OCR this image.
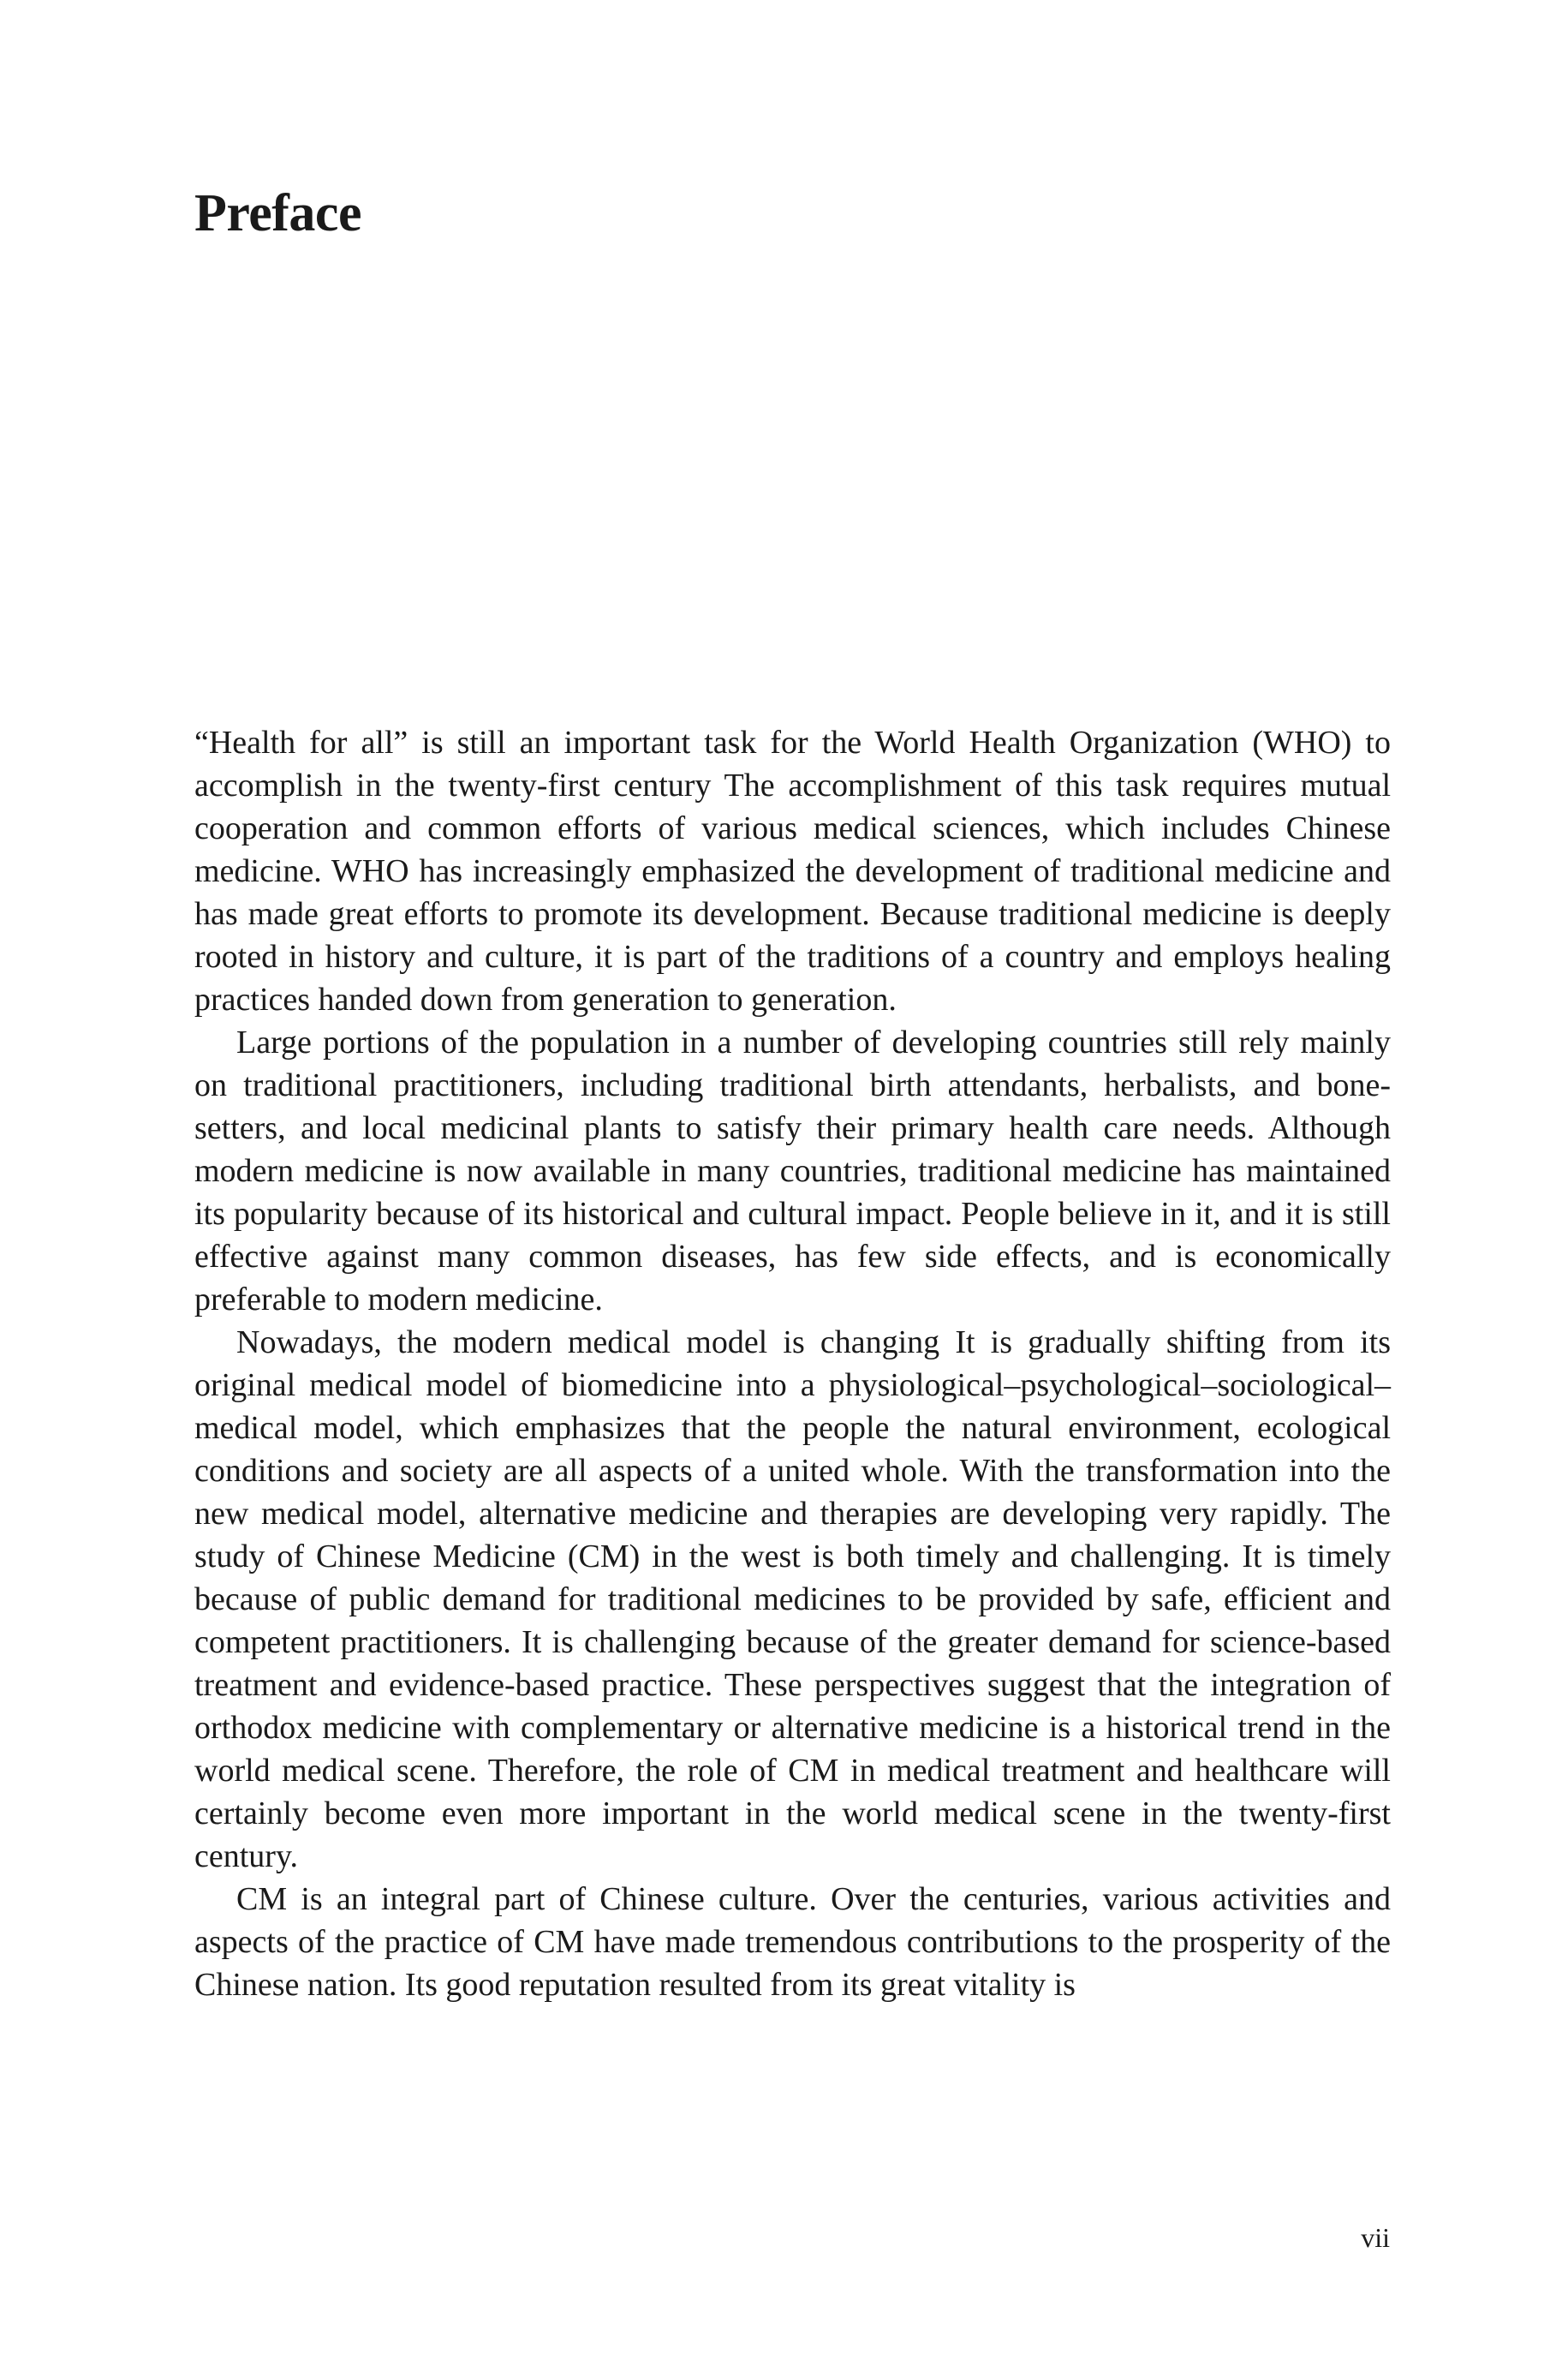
Preface

“Health for all” is still an important task for the World Health Organization (WHO) to accomplish in the twenty-first century The accomplishment of this task requires mutual cooperation and common efforts of various medical sciences, which includes Chinese medicine. WHO has increasingly emphasized the development of traditional medicine and has made great efforts to promote its development. Because traditional medicine is deeply rooted in history and culture, it is part of the traditions of a country and employs healing practices handed down from generation to generation.

Large portions of the population in a number of developing countries still rely mainly on traditional practitioners, including traditional birth attendants, herbalists, and bone-setters, and local medicinal plants to satisfy their primary health care needs. Although modern medicine is now available in many countries, traditional medicine has maintained its popularity because of its historical and cultural impact. People believe in it, and it is still effective against many common diseases, has few side effects, and is economically preferable to modern medicine.

Nowadays, the modern medical model is changing It is gradually shifting from its original medical model of biomedicine into a physiological–psychological–sociological–medical model, which emphasizes that the people the natural environment, ecological conditions and society are all aspects of a united whole. With the transformation into the new medical model, alternative medicine and therapies are developing very rapidly. The study of Chinese Medicine (CM) in the west is both timely and challenging. It is timely because of public demand for traditional medicines to be provided by safe, efficient and competent practitioners. It is challenging because of the greater demand for science-based treatment and evidence-based practice. These perspectives suggest that the integration of orthodox medicine with complementary or alternative medicine is a historical trend in the world medical scene. Therefore, the role of CM in medical treatment and healthcare will certainly become even more important in the world medical scene in the twenty-first century.

CM is an integral part of Chinese culture. Over the centuries, various activities and aspects of the practice of CM have made tremendous contributions to the prosperity of the Chinese nation. Its good reputation resulted from its great vitality is

vii
